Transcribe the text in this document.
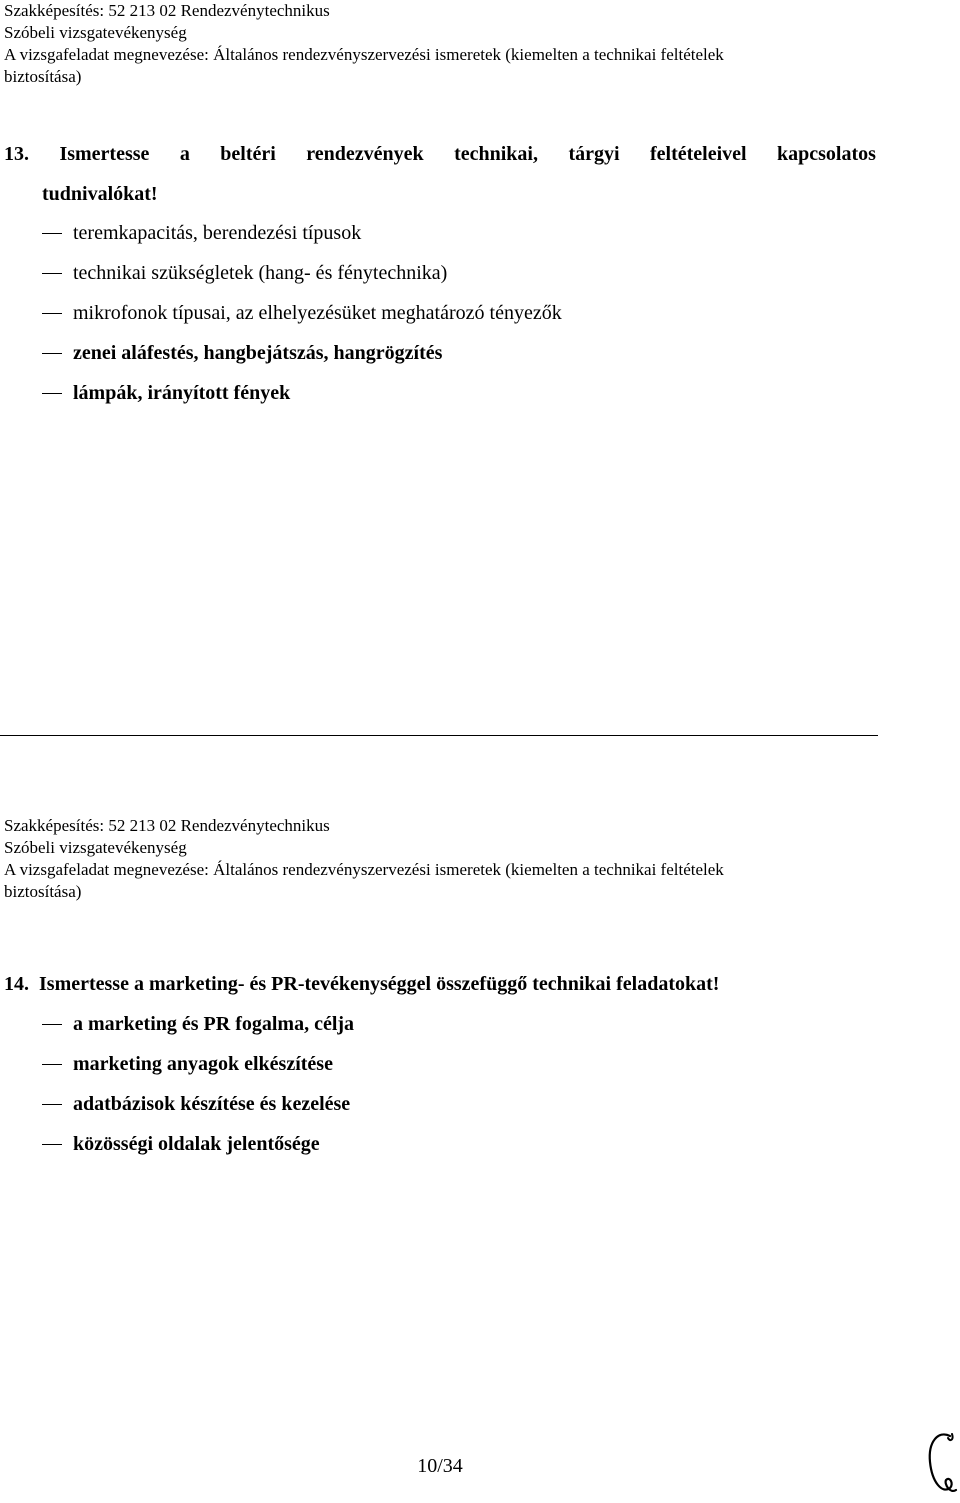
Szakképesítés: 52 213 02 Rendezvénytechnikus
Szóbeli vizsgatevékenység
A vizsgafeladat megnevezése: Általános rendezvényszervezési ismeretek (kiemelten a technikai feltételek
biztosítása)
13. Ismertesse a beltéri rendezvények technikai, tárgyi feltételeivel kapcsolatos
tudnivalókat!
teremkapacitás, berendezési típusok
technikai szükségletek (hang- és fénytechnika)
mikrofonok típusai, az elhelyezésüket meghatározó tényezők
zenei aláfestés, hangbejátszás, hangrögzítés
lámpák, irányított fények
Szakképesítés: 52 213 02 Rendezvénytechnikus
Szóbeli vizsgatevékenység
A vizsgafeladat megnevezése: Általános rendezvényszervezési ismeretek (kiemelten a technikai feltételek
biztosítása)
14. Ismertesse a marketing- és PR-tevékenységgel összefüggő technikai feladatokat!
a marketing és PR fogalma, célja
marketing anyagok elkészítése
adatbázisok készítése és kezelése
közösségi oldalak jelentősége
10/34
